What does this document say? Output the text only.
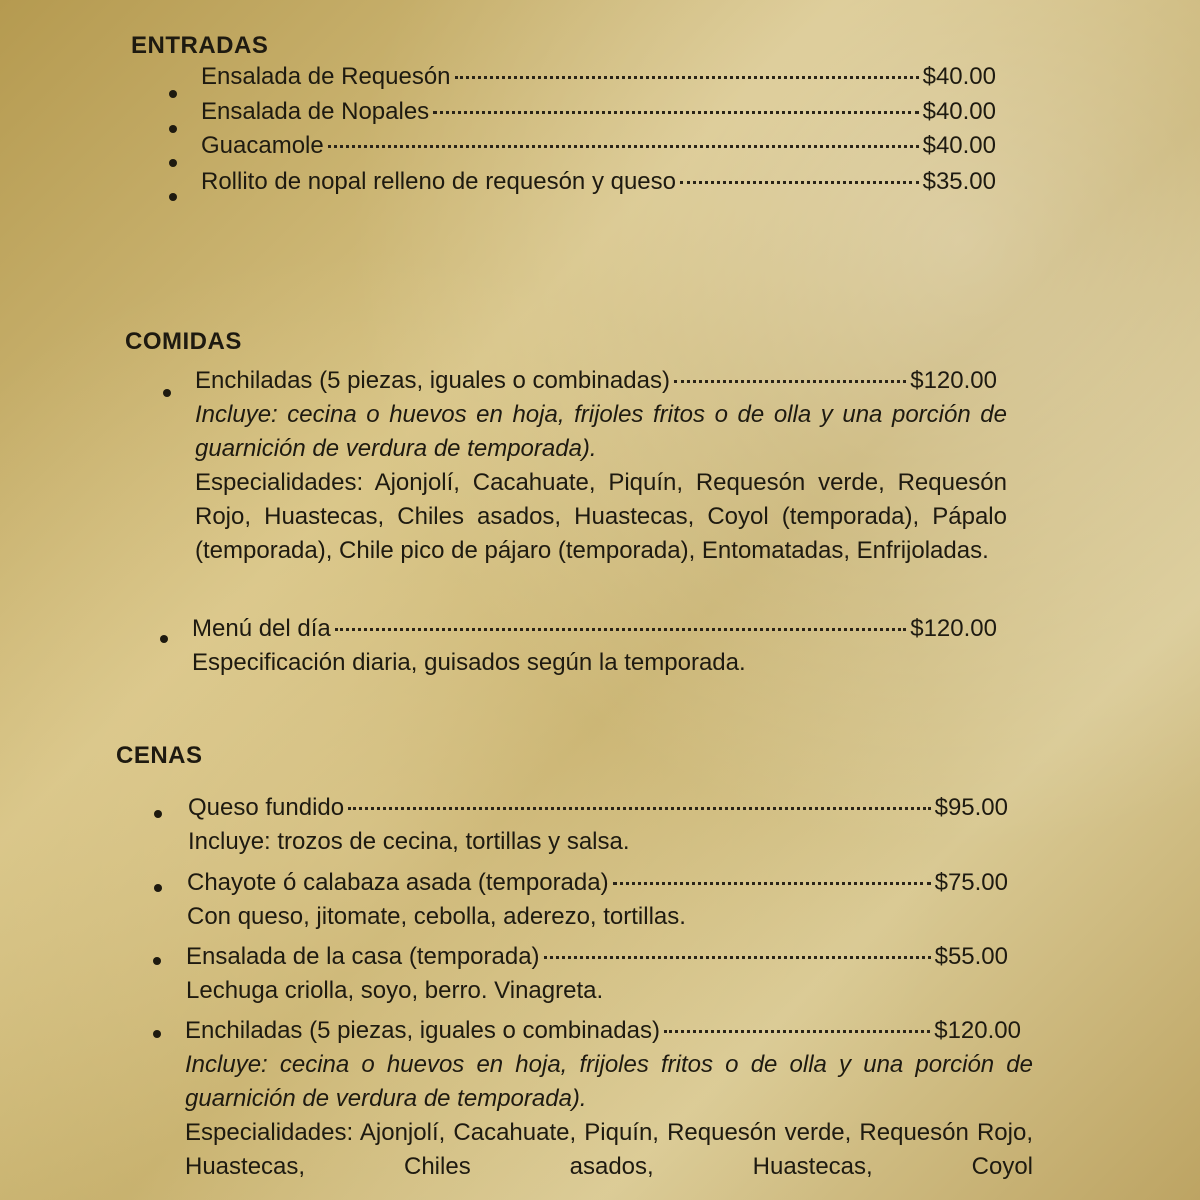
ENTRADAS
Ensalada de Requesón	$40.00
Ensalada de Nopales	$40.00
Guacamole	$40.00
Rollito de nopal relleno de requesón y queso	$35.00
COMIDAS
Enchiladas (5 piezas, iguales o combinadas)	$120.00
Incluye: cecina o huevos en hoja, frijoles fritos o de olla y una porción de guarnición de verdura de temporada).
Especialidades: Ajonjolí, Cacahuate, Piquín, Requesón verde, Requesón Rojo, Huastecas, Chiles asados, Huastecas, Coyol (temporada), Pápalo (temporada), Chile pico de pájaro (temporada), Entomatadas, Enfrijoladas.
Menú del día	$120.00
Especificación diaria, guisados según la temporada.
CENAS
Queso fundido	$95.00
Incluye: trozos de cecina, tortillas y salsa.
Chayote ó calabaza asada (temporada)	$75.00
Con queso, jitomate, cebolla, aderezo, tortillas.
Ensalada de la casa (temporada)	$55.00
Lechuga criolla, soyo, berro. Vinagreta.
Enchiladas (5 piezas, iguales o combinadas)	$120.00
Incluye: cecina o huevos en hoja, frijoles fritos o de olla y una porción de guarnición de verdura de temporada).
Especialidades: Ajonjolí, Cacahuate, Piquín, Requesón verde, Requesón Rojo, Huastecas, Chiles asados, Huastecas, Coyol
